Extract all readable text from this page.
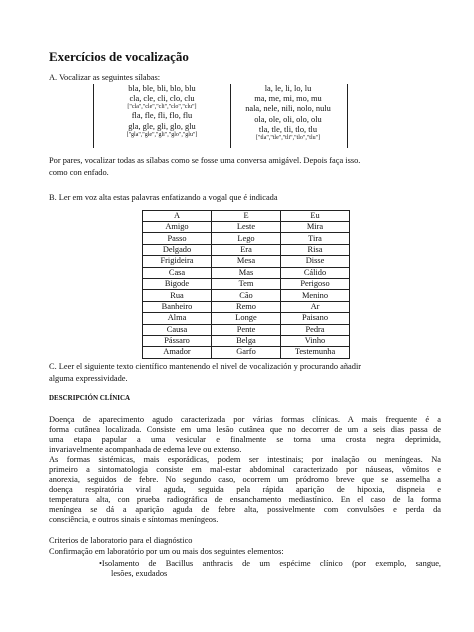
Exercícios de vocalização
A. Vocalizar as seguintes sílabas:
bla, ble, bli, blo, blu
cla, cle, cli, clo, clu
["cla","cle","cli","clo","clu"]
fla, fle, fli, flo, flu
gla, gle, gli, glo, glu
["gla","gle","gli","glo","glu"]
la, le, li, lo, lu
ma, me, mi, mo, mu
nala, nele, nili, nolo, nulu
ola, ole, oli, olo, olu
tla, tle, tli, tlo, tlu
["tla","tle","tli","tlo","tlu"]
Por pares, vocalizar todas as sílabas como se fosse uma conversa amigável. Depois faça isso.
como con enfado.
B. Ler em voz alta estas palavras enfatizando a vogal que é indicada
A	E	Eu
Amigo	Leste	Mira
Passo	Lego	Tira
Delgado	Era	Risa
Frigideira	Mesa	Disse
Casa	Mas	Cálido
Bigode	Tem	Perigoso
Rua	Cão	Menino
Banheiro	Remo	Ar
Alma	Longe	Paisano
Causa	Pente	Pedra
Pássaro	Belga	Vinho
Amador	Garfo	Testemunha
C. Leer el siguiente texto científico mantenendo el nivel de vocalización y procurando añadir
alguma expressividade.
DESCRIPCIÓN CLÍNICA
Doença de aparecimento agudo caracterizada por várias formas clínicas. A mais frequente é a
forma cutânea localizada. Consiste em uma lesão cutânea que no decorrer de um a seis dias passa de
uma etapa papular a uma vesicular e finalmente se torna uma crosta negra deprimida,
invariavelmente acompanhada de edema leve ou extenso.
As formas sistémicas, mais esporádicas, podem ser intestinais; por inalação ou meníngeas. Na
primeiro a sintomatologia consiste em mal-estar abdominal caracterizado por náuseas, vômitos e
anorexia, seguidos de febre. No segundo caso, ocorrem um pródromo breve que se assemelha a
doença respiratória viral aguda, seguida pela rápida aparição de hipoxia, dispneia e
temperatura alta, con prueba radiográfica de ensanchamento mediastínico. En el caso de la forma
meníngea se dá a aparição aguda de febre alta, possivelmente com convulsões e perda da
consciência, e outros sinais e síntomas meníngeos.
Criterios de laboratorio para el diagnóstico
Confirmação em laboratório por um ou mais dos seguintes elementos:
•Isolamento de Bacillus anthracis de um espécime clínico (por exemplo, sangue,
lesões, exudados
